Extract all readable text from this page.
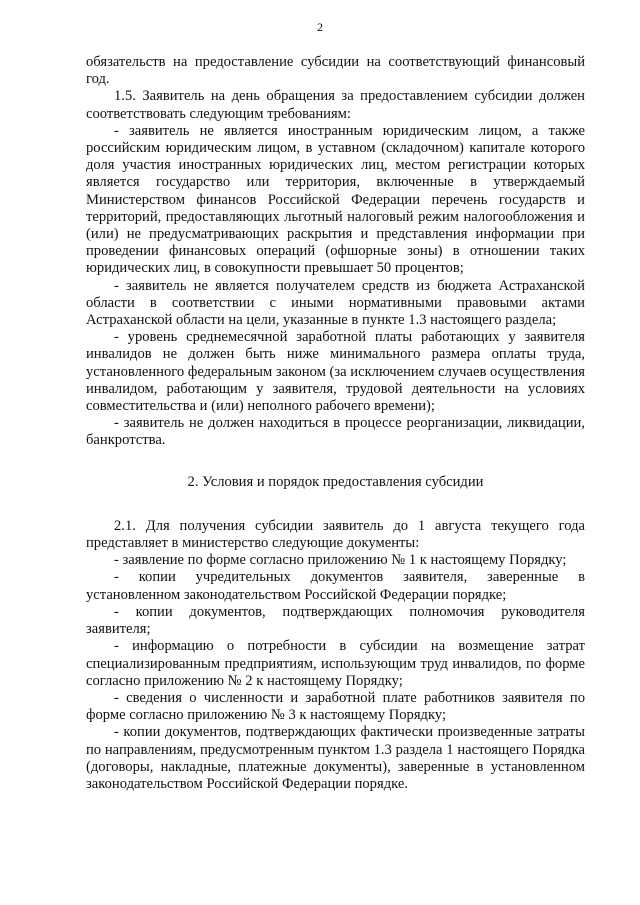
2

обязательств на предоставление субсидии на соответствующий финансовый год.

1.5. Заявитель на день обращения за предоставлением субсидии должен соответствовать следующим требованиям:

- заявитель не является иностранным юридическим лицом, а также российским юридическим лицом, в уставном (складочном) капитале которого доля участия иностранных юридических лиц, местом регистрации которых является государство или территория, включенные в утверждаемый Министерством финансов Российской Федерации перечень государств и территорий, предоставляющих льготный налоговый режим налогообложения и (или) не предусматривающих раскрытия и представления информации при проведении финансовых операций (офшорные зоны) в отношении таких юридических лиц, в совокупности превышает 50 процентов;

- заявитель не является получателем средств из бюджета Астраханской области в соответствии с иными нормативными правовыми актами Астраханской области на цели, указанные в пункте 1.3 настоящего раздела;

- уровень среднемесячной заработной платы работающих у заявителя инвалидов не должен быть ниже минимального размера оплаты труда, установленного федеральным законом (за исключением случаев осуществления инвалидом, работающим у заявителя, трудовой деятельности на условиях совместительства и (или) неполного рабочего времени);

- заявитель не должен находиться в процессе реорганизации, ликвидации, банкротства.

2. Условия и порядок предоставления субсидии

2.1. Для получения субсидии заявитель до 1 августа текущего года представляет в министерство следующие документы:

- заявление по форме согласно приложению № 1 к настоящему Порядку;

- копии учредительных документов заявителя, заверенные в установленном законодательством Российской Федерации порядке;

- копии документов, подтверждающих полномочия руководителя заявителя;

- информацию о потребности в субсидии на возмещение затрат специализированным предприятиям, использующим труд инвалидов, по форме согласно приложению № 2 к настоящему Порядку;

- сведения о численности и заработной плате работников заявителя по форме согласно приложению № 3 к настоящему Порядку;

- копии документов, подтверждающих фактически произведенные затраты по направлениям, предусмотренным пунктом 1.3 раздела 1 настоящего Порядка (договоры, накладные, платежные документы), заверенные в установленном законодательством Российской Федерации порядке.
